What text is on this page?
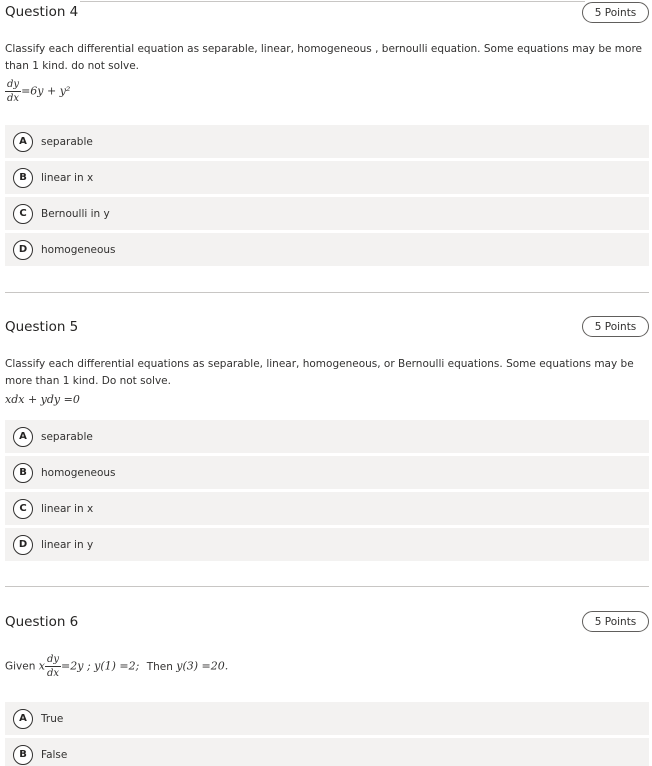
Question 4	5 Points
Classify each differential equation as separable, linear, homogeneous , bernoulli equation. Some equations may be more than 1 kind. do not solve.
$\frac{dy}{dx} =6y + y^2$
A	separable
B	linear in x
C	Bernoulli in y
D	homogeneous
Question 5	5 Points
Classify each differential equations as separable, linear, homogeneous, or Bernoulli equations. Some equations may be more than 1 kind. Do not solve.
xdx + ydy =0
A	separable
B	homogeneous
C	linear in x
D	linear in y
Question 6	5 Points
Given x $\frac{dy}{dx} =2y$ ; y(1) =2; Then y(3) =20.
A	True
B	False
